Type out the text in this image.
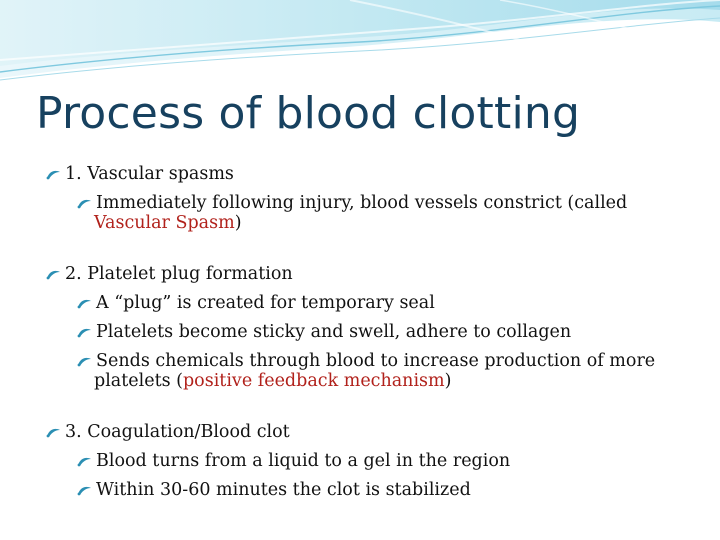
Process of blood clotting
1. Vascular spasms
Immediately following injury, blood vessels constrict (called
Vascular Spasm)
2. Platelet plug formation
A “plug” is created for temporary seal
Platelets become sticky and swell, adhere to collagen
Sends chemicals through blood to increase production of more
platelets (positive feedback mechanism)
3. Coagulation/Blood clot
Blood turns from a liquid to a gel in the region
Within 30-60 minutes the clot is stabilized
